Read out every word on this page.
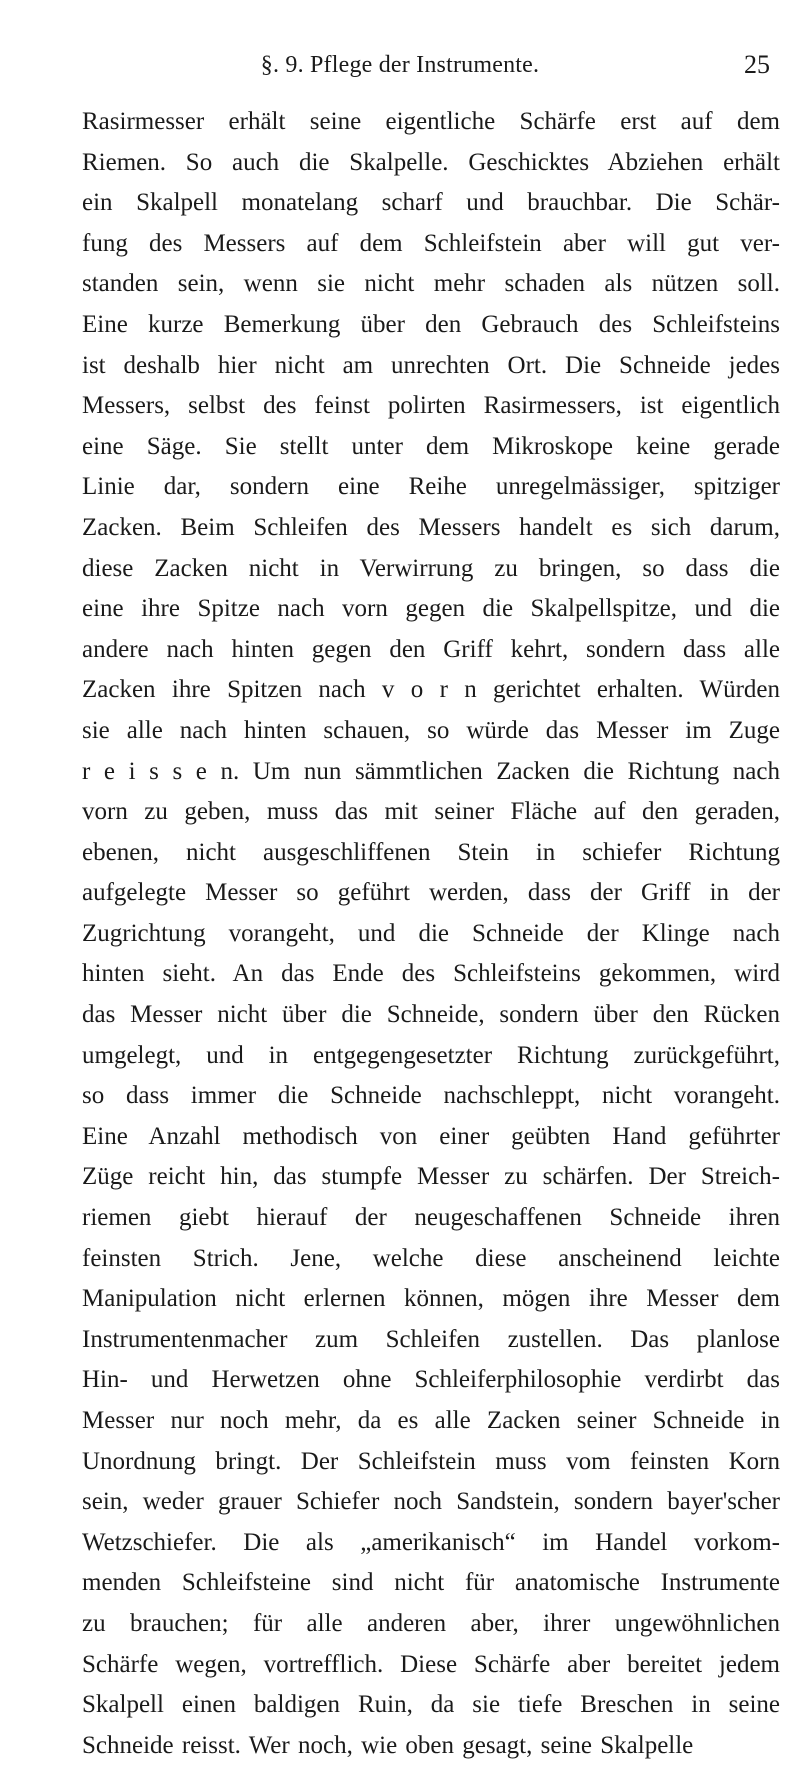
§. 9. Pflege der Instrumente.	25
Rasirmesser erhält seine eigentliche Schärfe erst auf dem
Riemen. So auch die Skalpelle. Geschicktes Abziehen erhält
ein Skalpell monatelang scharf und brauchbar. Die Schär-
fung des Messers auf dem Schleifstein aber will gut ver-
standen sein, wenn sie nicht mehr schaden als nützen soll.
Eine kurze Bemerkung über den Gebrauch des Schleifsteins
ist deshalb hier nicht am unrechten Ort. Die Schneide jedes
Messers, selbst des feinst polirten Rasirmessers, ist eigentlich
eine Säge. Sie stellt unter dem Mikroskope keine gerade
Linie dar, sondern eine Reihe unregelmässiger, spitziger
Zacken. Beim Schleifen des Messers handelt es sich darum,
diese Zacken nicht in Verwirrung zu bringen, so dass die
eine ihre Spitze nach vorn gegen die Skalpellspitze, und die
andere nach hinten gegen den Griff kehrt, sondern dass alle
Zacken ihre Spitzen nach v o r n gerichtet erhalten. Würden
sie alle nach hinten schauen, so würde das Messer im Zuge
r e i s s e n. Um nun sämmtlichen Zacken die Richtung nach
vorn zu geben, muss das mit seiner Fläche auf den geraden,
ebenen, nicht ausgeschliffenen Stein in schiefer Richtung
aufgelegte Messer so geführt werden, dass der Griff in der
Zugrichtung vorangeht, und die Schneide der Klinge nach
hinten sieht. An das Ende des Schleifsteins gekommen, wird
das Messer nicht über die Schneide, sondern über den Rücken
umgelegt, und in entgegengesetzter Richtung zurückgeführt,
so dass immer die Schneide nachschleppt, nicht vorangeht.
Eine Anzahl methodisch von einer geübten Hand geführter
Züge reicht hin, das stumpfe Messer zu schärfen. Der Streich-
riemen giebt hierauf der neugeschaffenen Schneide ihren
feinsten Strich. Jene, welche diese anscheinend leichte
Manipulation nicht erlernen können, mögen ihre Messer dem
Instrumentenmacher zum Schleifen zustellen. Das planlose
Hin- und Herwetzen ohne Schleiferphilosophie verdirbt das
Messer nur noch mehr, da es alle Zacken seiner Schneide in
Unordnung bringt. Der Schleifstein muss vom feinsten Korn
sein, weder grauer Schiefer noch Sandstein, sondern bayer'scher
Wetzschiefer. Die als „amerikanisch“ im Handel vorkom-
menden Schleifsteine sind nicht für anatomische Instrumente
zu brauchen; für alle anderen aber, ihrer ungewöhnlichen
Schärfe wegen, vortrefflich. Diese Schärfe aber bereitet jedem
Skalpell einen baldigen Ruin, da sie tiefe Breschen in seine
Schneide reisst. Wer noch, wie oben gesagt, seine Skalpelle
